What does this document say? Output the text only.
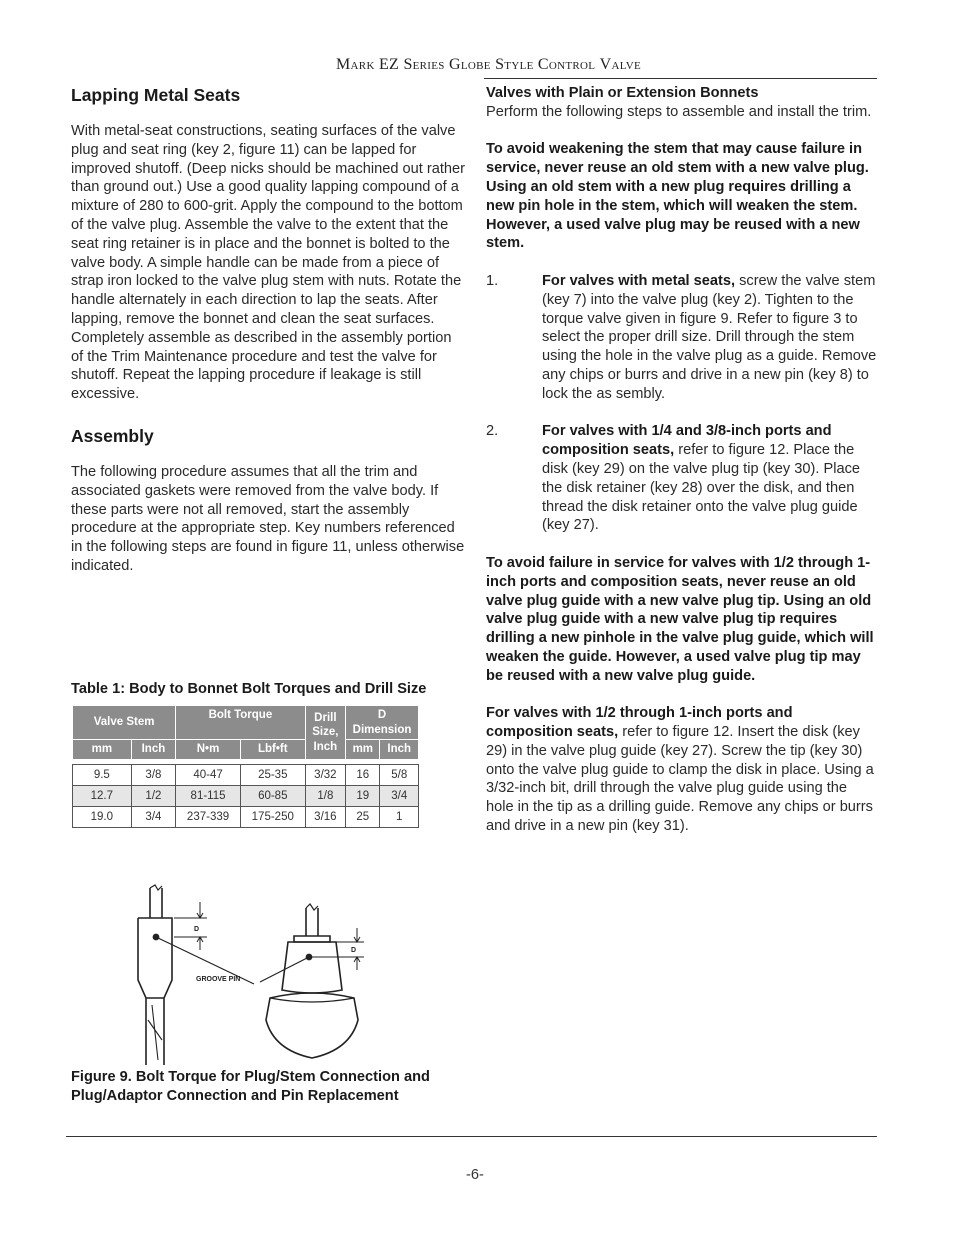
Mark EZ Series Globe Style Control Valve
Lapping Metal Seats

With metal-seat constructions, seating surfaces of the valve plug and seat ring (key 2, figure 11) can be lapped for improved shutoff. (Deep nicks should be machined out rather than ground out.) Use a good quality lapping compound of a mixture of 280 to 600-grit. Apply the compound to the bottom of the valve plug. Assemble the valve to the extent that the seat ring retainer is in place and the bonnet is bolted to the valve body. A simple handle can be made from a piece of strap iron locked to the valve plug stem with nuts. Rotate the handle alternately in each direction to lap the seats. After lapping, remove the bonnet and clean the seat surfaces. Completely assemble as described in the assembly portion of the Trim Maintenance procedure and test the valve for shutoff. Repeat the lapping procedure if leakage is still excessive.

Assembly

The following procedure assumes that all the trim and associated gaskets were removed from the valve body. If these parts were not all removed, start the assembly procedure at the appropriate step. Key numbers referenced in the following steps are found in figure 11, unless otherwise indicated.

Table 1: Body to Bonnet Bolt Torques and Drill Size
Valve Stem		Bolt Torque		Drill Size, Inch	D Dimension	
mm	Inch	N•m	Lbf•ft		mm	Inch

9.5	3/8	40-47	25-35	3/32	16	5/8
12.7	1/2	81-115	60-85	1/8	19	3/4
19.0	3/4	237-339	175-250	3/16	25	1
D
D
GROOVE PIN
Figure 9. Bolt Torque for Plug/Stem Connection and Plug/Adaptor Connection and Pin Replacement

Valves with Plain or Extension Bonnets

Perform the following steps to assemble and install the trim.

To avoid weakening the stem that may cause failure in service, never reuse an old stem with a new valve plug. Using an old stem with a new plug requires drilling a new pin hole in the stem, which will weaken the stem. However, a used valve plug may be reused with a new stem.

1.	For valves with metal seats, screw the valve stem (key 7) into the valve plug (key 2). Tighten to the torque valve given in figure 9. Refer to figure 3 to select the proper drill size. Drill through the stem using the hole in the valve plug as a guide. Remove any chips or burrs and drive in a new pin (key 8) to lock the as sembly.
2.	For valves with 1/4 and 3/8-inch ports and composition seats, refer to figure 12. Place the disk (key 29) on the valve plug tip (key 30). Place the disk retainer (key 28) over the disk, and then thread the disk retainer onto the valve plug guide (key 27).

To avoid failure in service for valves with 1/2 through 1-inch ports and composition seats, never reuse an old valve plug guide with a new valve plug tip. Using an old valve plug guide with a new valve plug tip requires drilling a new pinhole in the valve plug guide, which will weaken the guide. However, a used valve plug tip may be reused with a new valve plug guide.

For valves with 1/2 through 1-inch ports and composition seats, refer to figure 12. Insert the disk (key 29) in the valve plug guide (key 27). Screw the tip (key 30) onto the valve plug guide to clamp the disk in place. Using a 3/32-inch bit, drill through the valve plug guide using the hole in the tip as a drilling guide. Remove any chips or burrs and drive in a new pin (key 31).

-6-
